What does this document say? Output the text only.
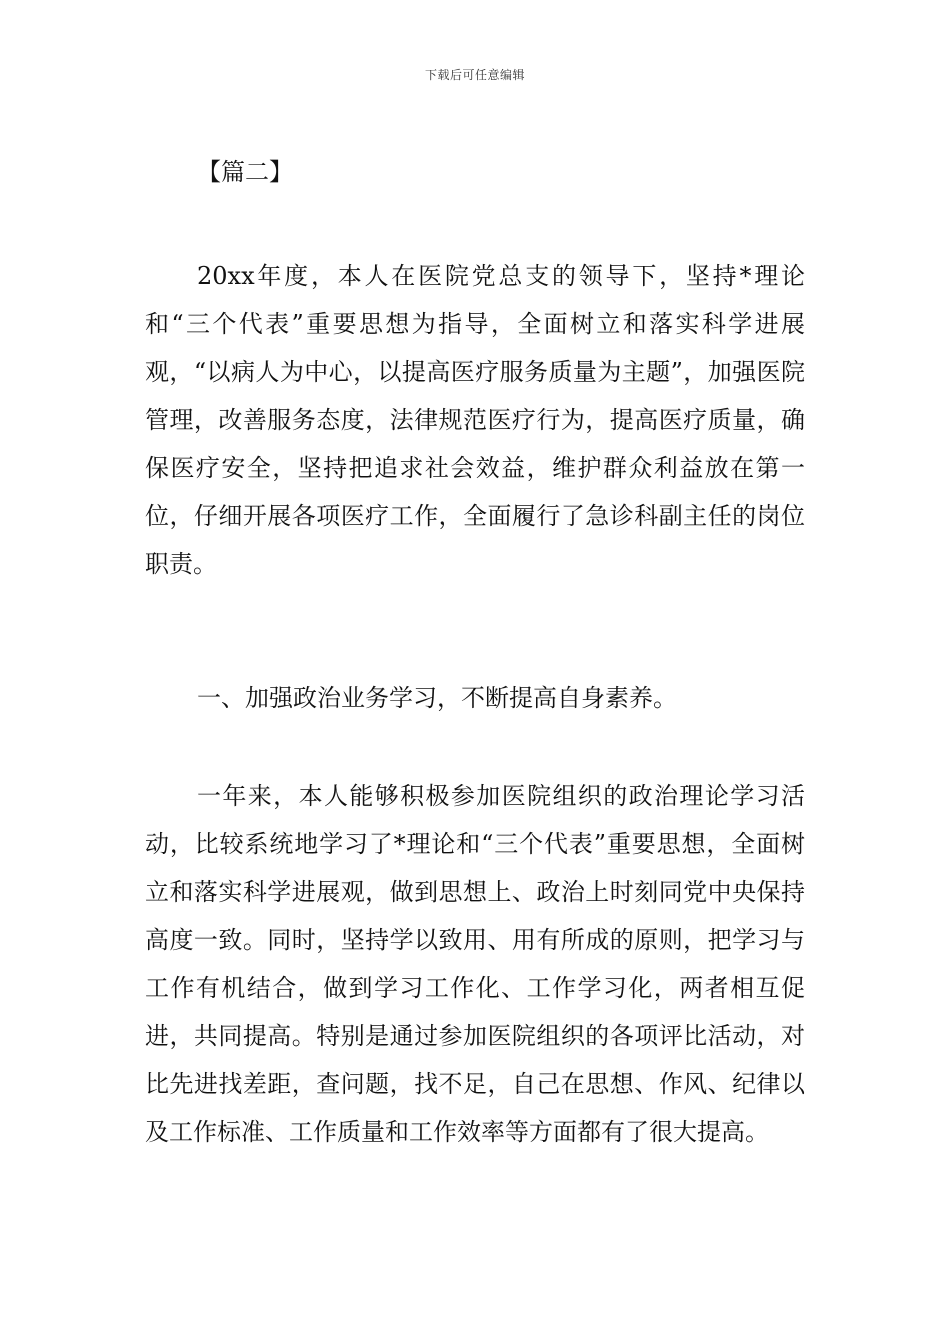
下载后可任意编辑
【篇二】

20xx年度，本人在医院党总支的领导下，坚持*理论和“三个代表”重要思想为指导，全面树立和落实科学进展观，“以病人为中心，以提高医疗服务质量为主题”，加强医院管理，改善服务态度，法律规范医疗行为，提高医疗质量，确保医疗安全，坚持把追求社会效益，维护群众利益放在第一位，仔细开展各项医疗工作，全面履行了急诊科副主任的岗位职责。

一、加强政治业务学习，不断提高自身素养。

一年来，本人能够积极参加医院组织的政治理论学习活动，比较系统地学习了*理论和“三个代表”重要思想，全面树立和落实科学进展观，做到思想上、政治上时刻同党中央保持高度一致。同时，坚持学以致用、用有所成的原则，把学习与工作有机结合，做到学习工作化、工作学习化，两者相互促进，共同提高。特别是通过参加医院组织的各项评比活动，对比先进找差距，查问题，找不足，自己在思想、作风、纪律以及工作标准、工作质量和工作效率等方面都有了很大提高。
